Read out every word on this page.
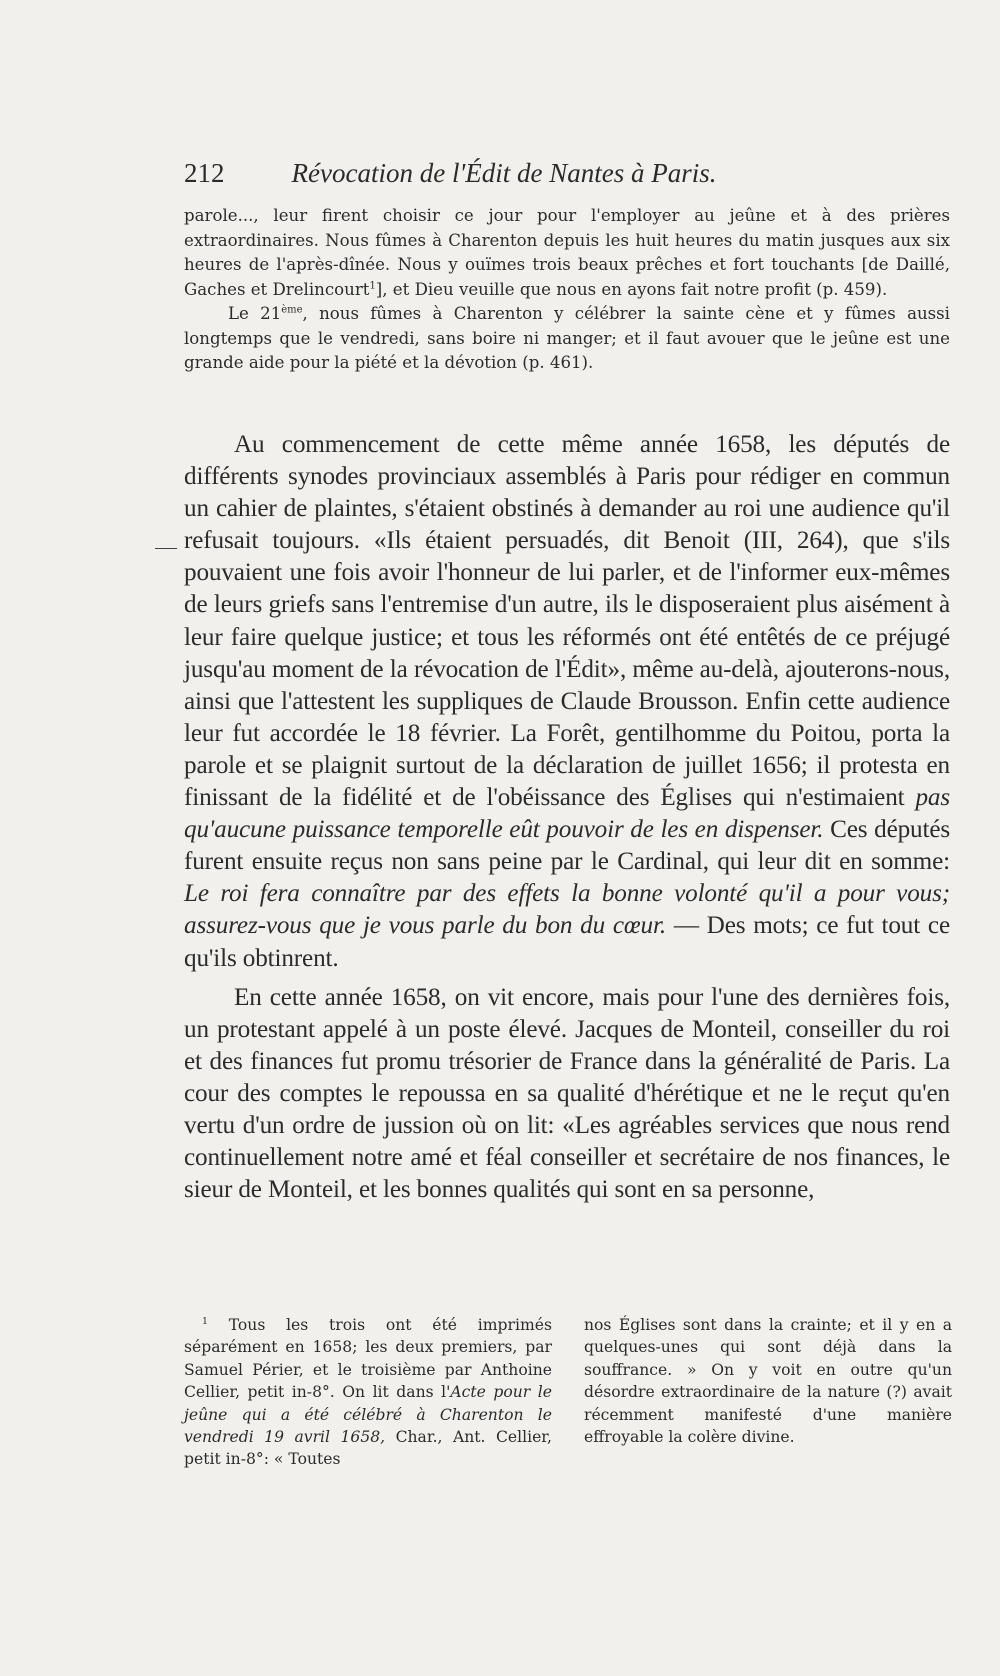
212	Révocation de l'Édit de Nantes à Paris.

parole..., leur firent choisir ce jour pour l'employer au jeûne et à des prières extraordinaires. Nous fûmes à Charenton depuis les huit heures du matin jusques aux six heures de l'après-dînée. Nous y ouïmes trois beaux prêches et fort touchants [de Daillé, Gaches et Drelincourt$^1$], et Dieu veuille que nous en ayons fait notre profit (p. 459).

Le 21ème, nous fûmes à Charenton y célébrer la sainte cène et y fûmes aussi longtemps que le vendredi, sans boire ni manger; et il faut avouer que le jeûne est une grande aide pour la piété et la dévotion (p. 461).

Au commencement de cette même année 1658, les députés de différents synodes provinciaux assemblés à Paris pour rédiger en commun un cahier de plaintes, s'étaient obstinés à demander au roi une audience qu'il refusait toujours. «Ils étaient persuadés, dit Benoit (III, 264), que s'ils pouvaient une fois avoir l'honneur de lui parler, et de l'informer eux-mêmes de leurs griefs sans l'entremise d'un autre, ils le disposeraient plus aisément à leur faire quelque justice; et tous les réformés ont été entêtés de ce préjugé jusqu'au moment de la révocation de l'Édit», même au-delà, ajouterons-nous, ainsi que l'attestent les suppliques de Claude Brousson. Enfin cette audience leur fut accordée le 18 février. La Forêt, gentilhomme du Poitou, porta la parole et se plaignit surtout de la déclaration de juillet 1656; il protesta en finissant de la fidélité et de l'obéissance des Églises qui n'estimaient pas qu'aucune puissance temporelle eût pouvoir de les en dispenser. Ces députés furent ensuite reçus non sans peine par le Cardinal, qui leur dit en somme: Le roi fera connaître par des effets la bonne volonté qu'il a pour vous; assurez-vous que je vous parle du bon du cœur. — Des mots; ce fut tout ce qu'ils obtinrent.

En cette année 1658, on vit encore, mais pour l'une des dernières fois, un protestant appelé à un poste élevé. Jacques de Monteil, conseiller du roi et des finances fut promu trésorier de France dans la généralité de Paris. La cour des comptes le repoussa en sa qualité d'hérétique et ne le reçut qu'en vertu d'un ordre de jussion où on lit: «Les agréables services que nous rend continuellement notre amé et féal conseiller et secrétaire de nos finances, le sieur de Monteil, et les bonnes qualités qui sont en sa personne,

$^1$ Tous les trois ont été imprimés séparément en 1658; les deux premiers, par Samuel Périer, et le troisième par Anthoine Cellier, petit in-8°. On lit dans l'Acte pour le jeûne qui a été célébré à Charenton le vendredi 19 avril 1658, Char., Ant. Cellier, petit in-8°: « Toutes

nos Églises sont dans la crainte; et il y en a quelques-unes qui sont déjà dans la souffrance. » On y voit en outre qu'un désordre extraordinaire de la nature (?) avait récemment manifesté d'une manière effroyable la colère divine.
